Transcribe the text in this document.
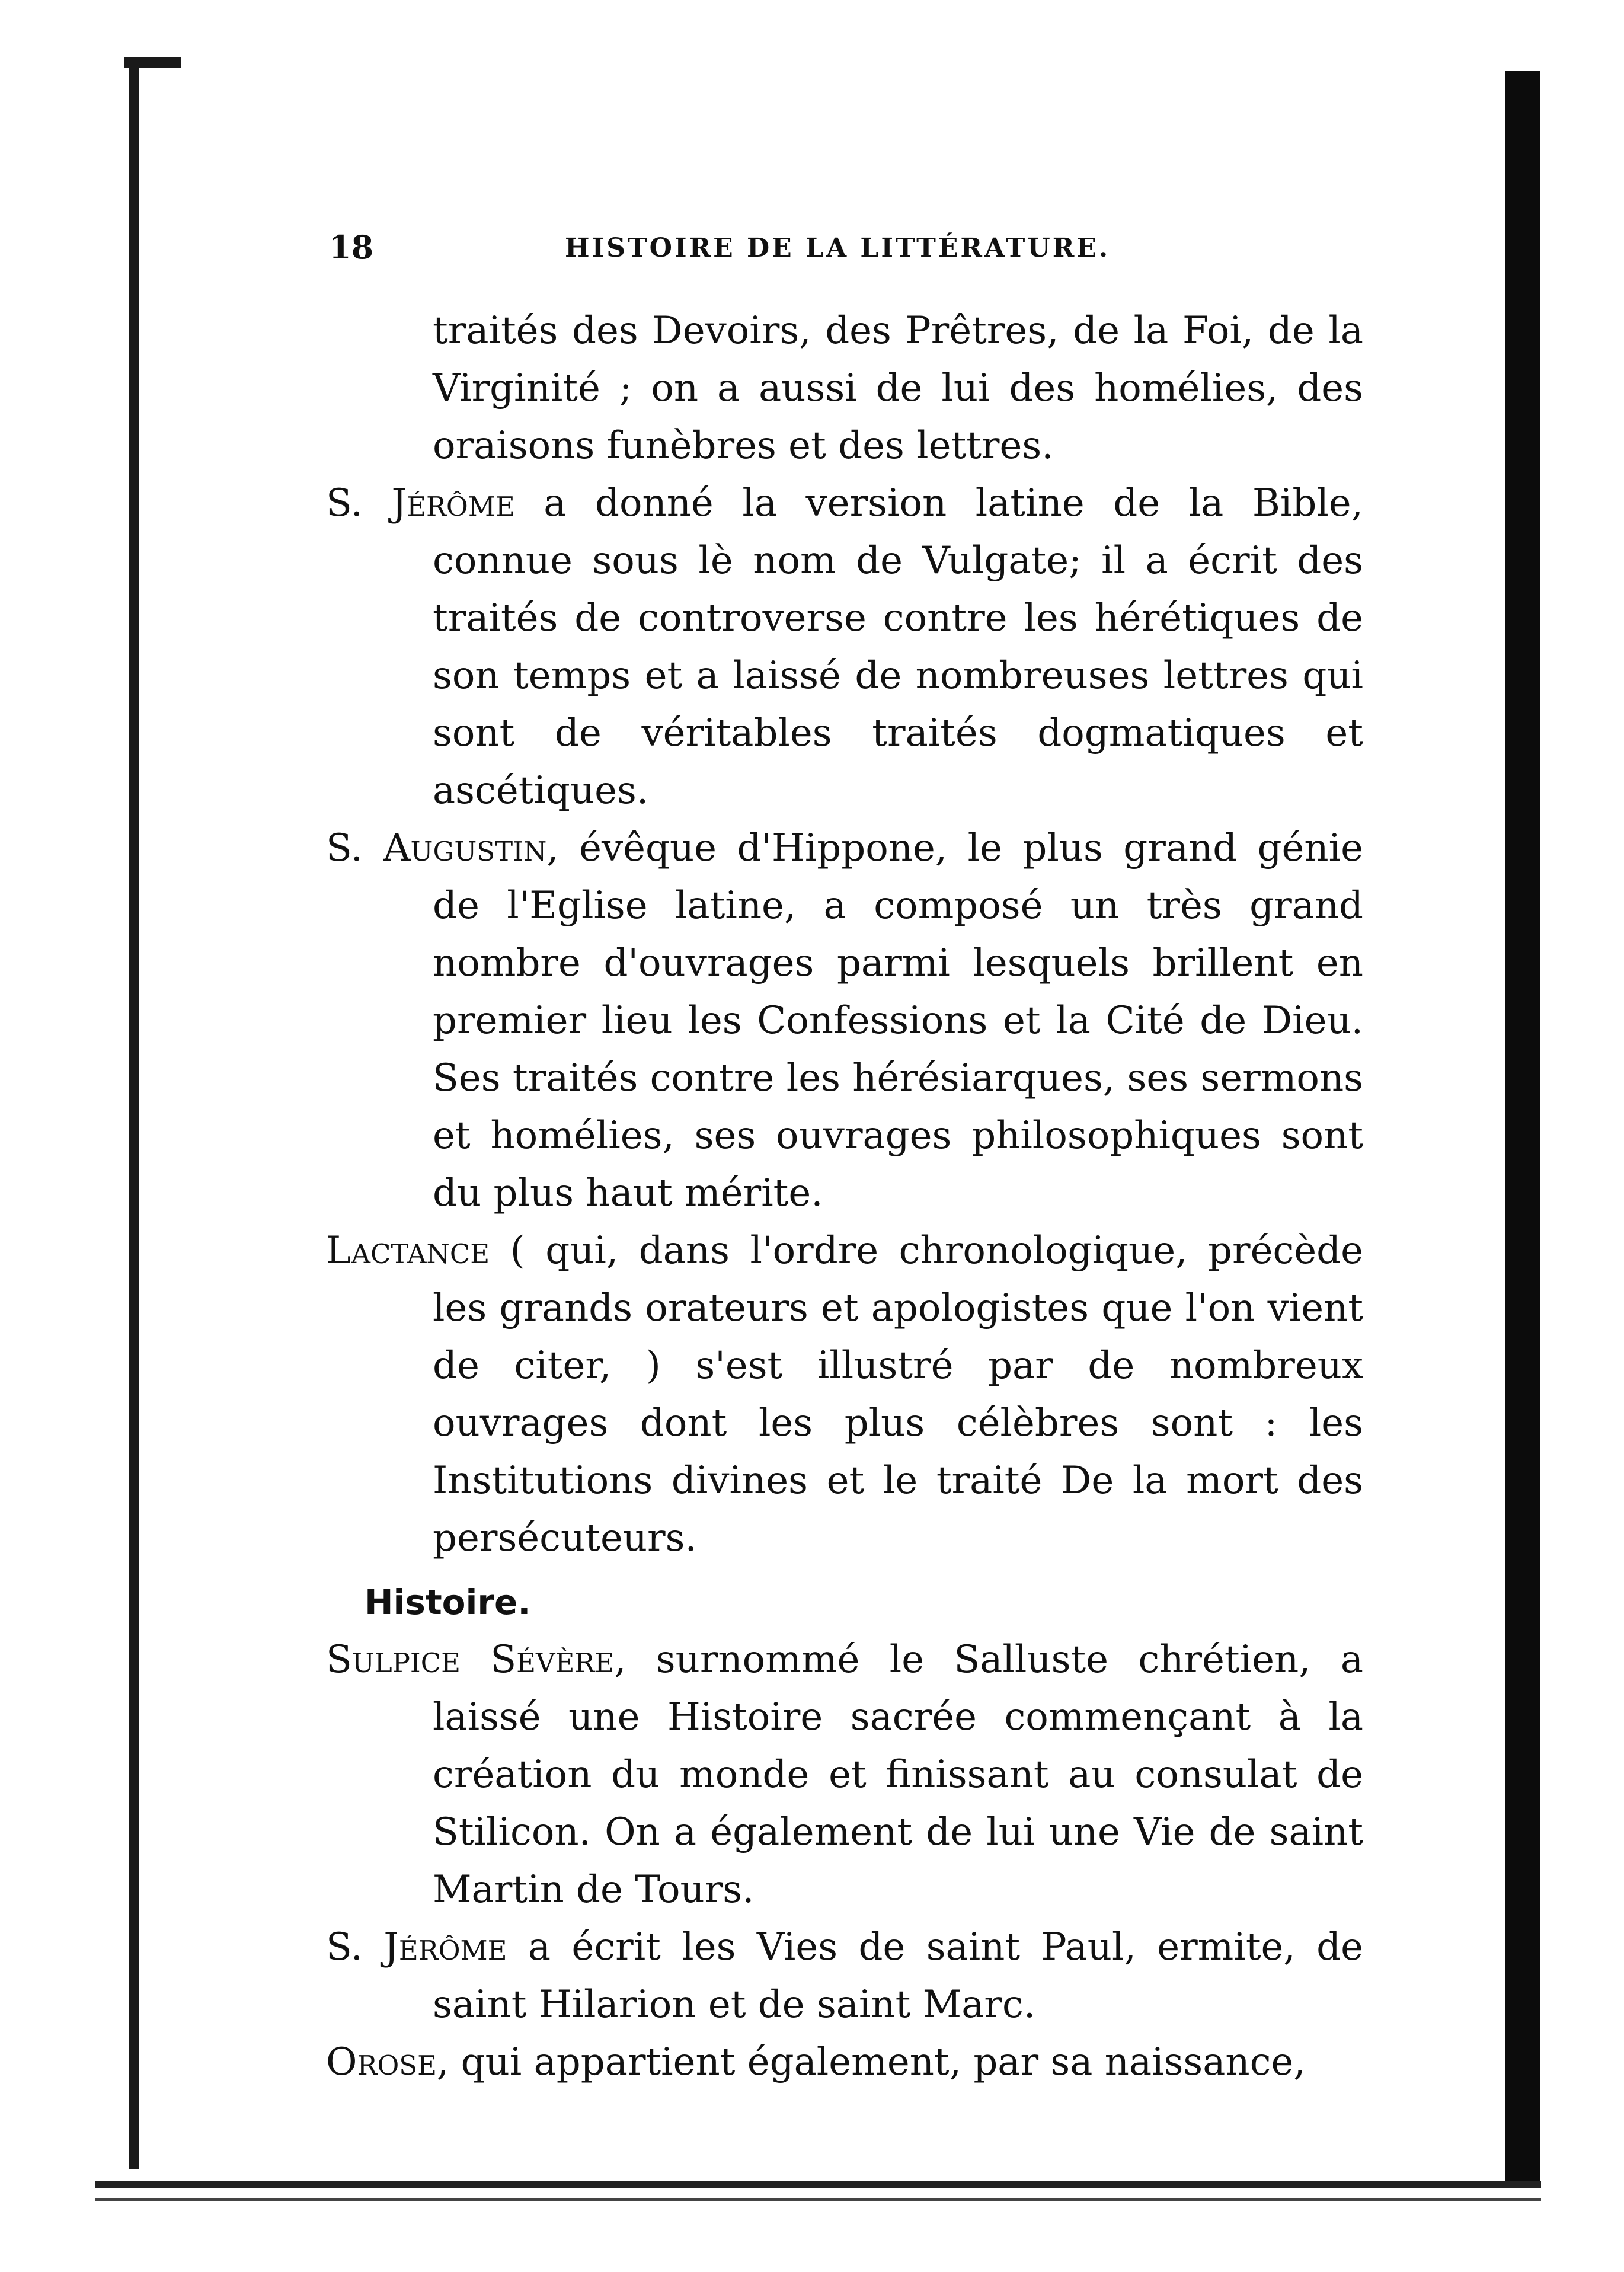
18	HISTOIRE DE LA LITTÉRATURE.

traités des Devoirs, des Prêtres, de la Foi, de la Virginité ; on a aussi de lui des homélies, des oraisons funèbres et des lettres.

S. Jérôme a donné la version latine de la Bible, connue sous lè nom de Vulgate; il a écrit des traités de controverse contre les hérétiques de son temps et a laissé de nombreuses lettres qui sont de véritables traités dogmatiques et ascétiques.

S. Augustin, évêque d'Hippone, le plus grand génie de l'Eglise latine, a composé un très grand nombre d'ouvrages parmi lesquels brillent en premier lieu les Confessions et la Cité de Dieu. Ses traités contre les hérésiarques, ses sermons et homélies, ses ouvrages philosophiques sont du plus haut mérite.

Lactance ( qui, dans l'ordre chronologique, précède les grands orateurs et apologistes que l'on vient de citer, ) s'est illustré par de nombreux ouvrages dont les plus célèbres sont : les Institutions divines et le traité De la mort des persécuteurs.

Histoire.

Sulpice Sévère, surnommé le Salluste chrétien, a laissé une Histoire sacrée commençant à la création du monde et finissant au consulat de Stilicon. On a également de lui une Vie de saint Martin de Tours.

S. Jérôme a écrit les Vies de saint Paul, ermite, de saint Hilarion et de saint Marc.

Orose, qui appartient également, par sa naissance,
